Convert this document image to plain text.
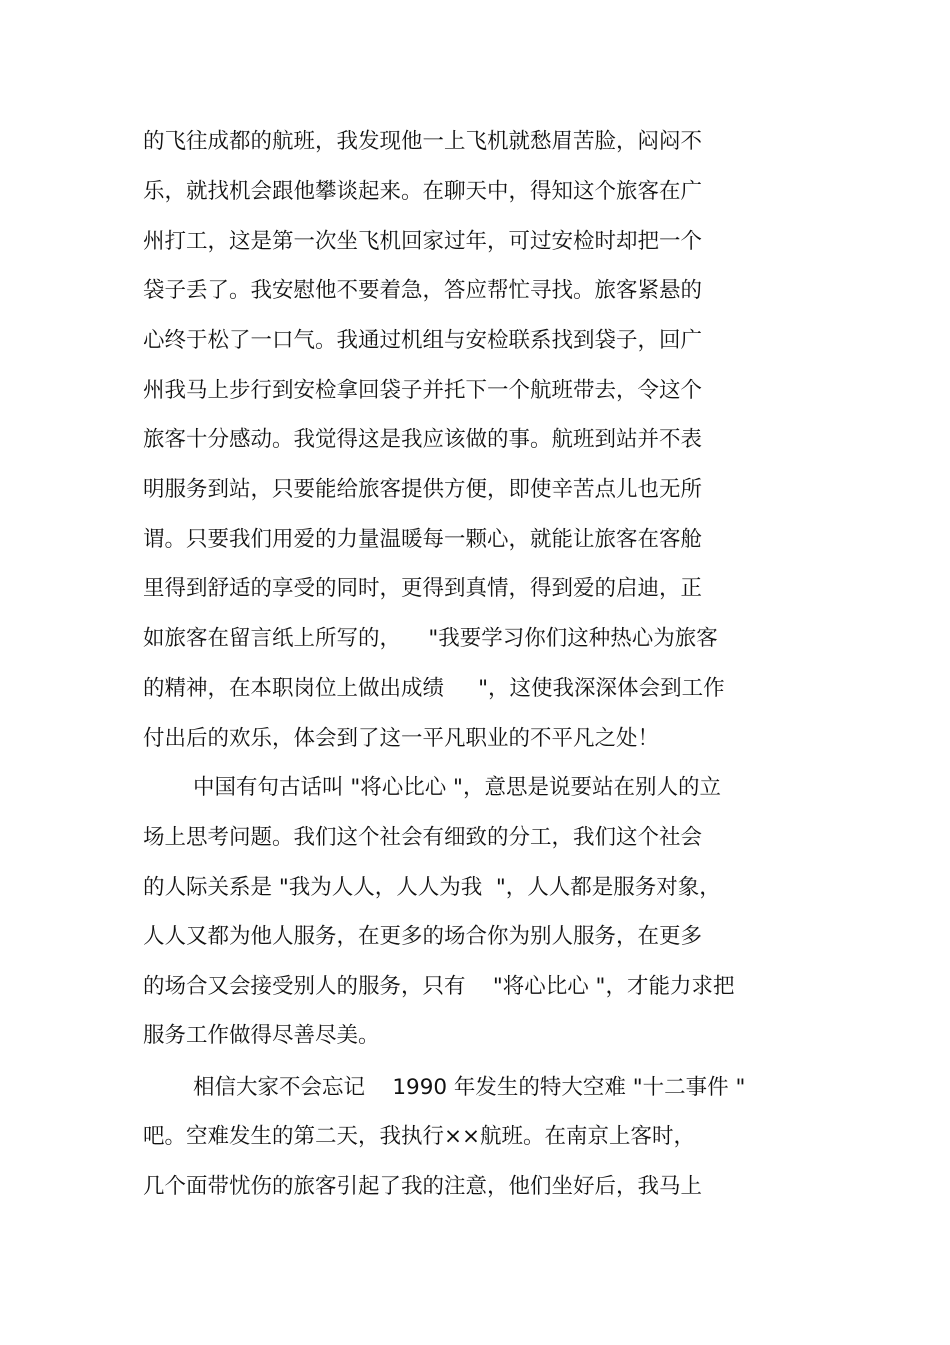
的飞往成都的航班，我发现他一上飞机就愁眉苦脸，闷闷不
乐，就找机会跟他攀谈起来。在聊天中，得知这个旅客在广
州打工，这是第一次坐飞机回家过年，可过安检时却把一个
袋子丢了。我安慰他不要着急，答应帮忙寻找。旅客紧悬的
心终于松了一口气。我通过机组与安检联系找到袋子，回广
州我马上步行到安检拿回袋子并托下一个航班带去，令这个
旅客十分感动。我觉得这是我应该做的事。航班到站并不表
明服务到站，只要能给旅客提供方便，即使辛苦点儿也无所
谓。只要我们用爱的力量温暖每一颗心，就能让旅客在客舱
里得到舒适的享受的同时，更得到真情，得到爱的启迪，正
如旅客在留言纸上所写的，    "我要学习你们这种热心为旅客
的精神，在本职岗位上做出成绩     "，这使我深深体会到工作
付出后的欢乐，体会到了这一平凡职业的不平凡之处！
中国有句古话叫 "将心比心 "，意思是说要站在别人的立
场上思考问题。我们这个社会有细致的分工，我们这个社会
的人际关系是 "我为人人，人人为我  "，人人都是服务对象，
人人又都为他人服务，在更多的场合你为别人服务，在更多
的场合又会接受别人的服务，只有    "将心比心 "，才能力求把
服务工作做得尽善尽美。
相信大家不会忘记    1990 年发生的特大空难 "十二事件 "
吧。空难发生的第二天，我执行××航班。在南京上客时，
几个面带忧伤的旅客引起了我的注意，他们坐好后，我马上
